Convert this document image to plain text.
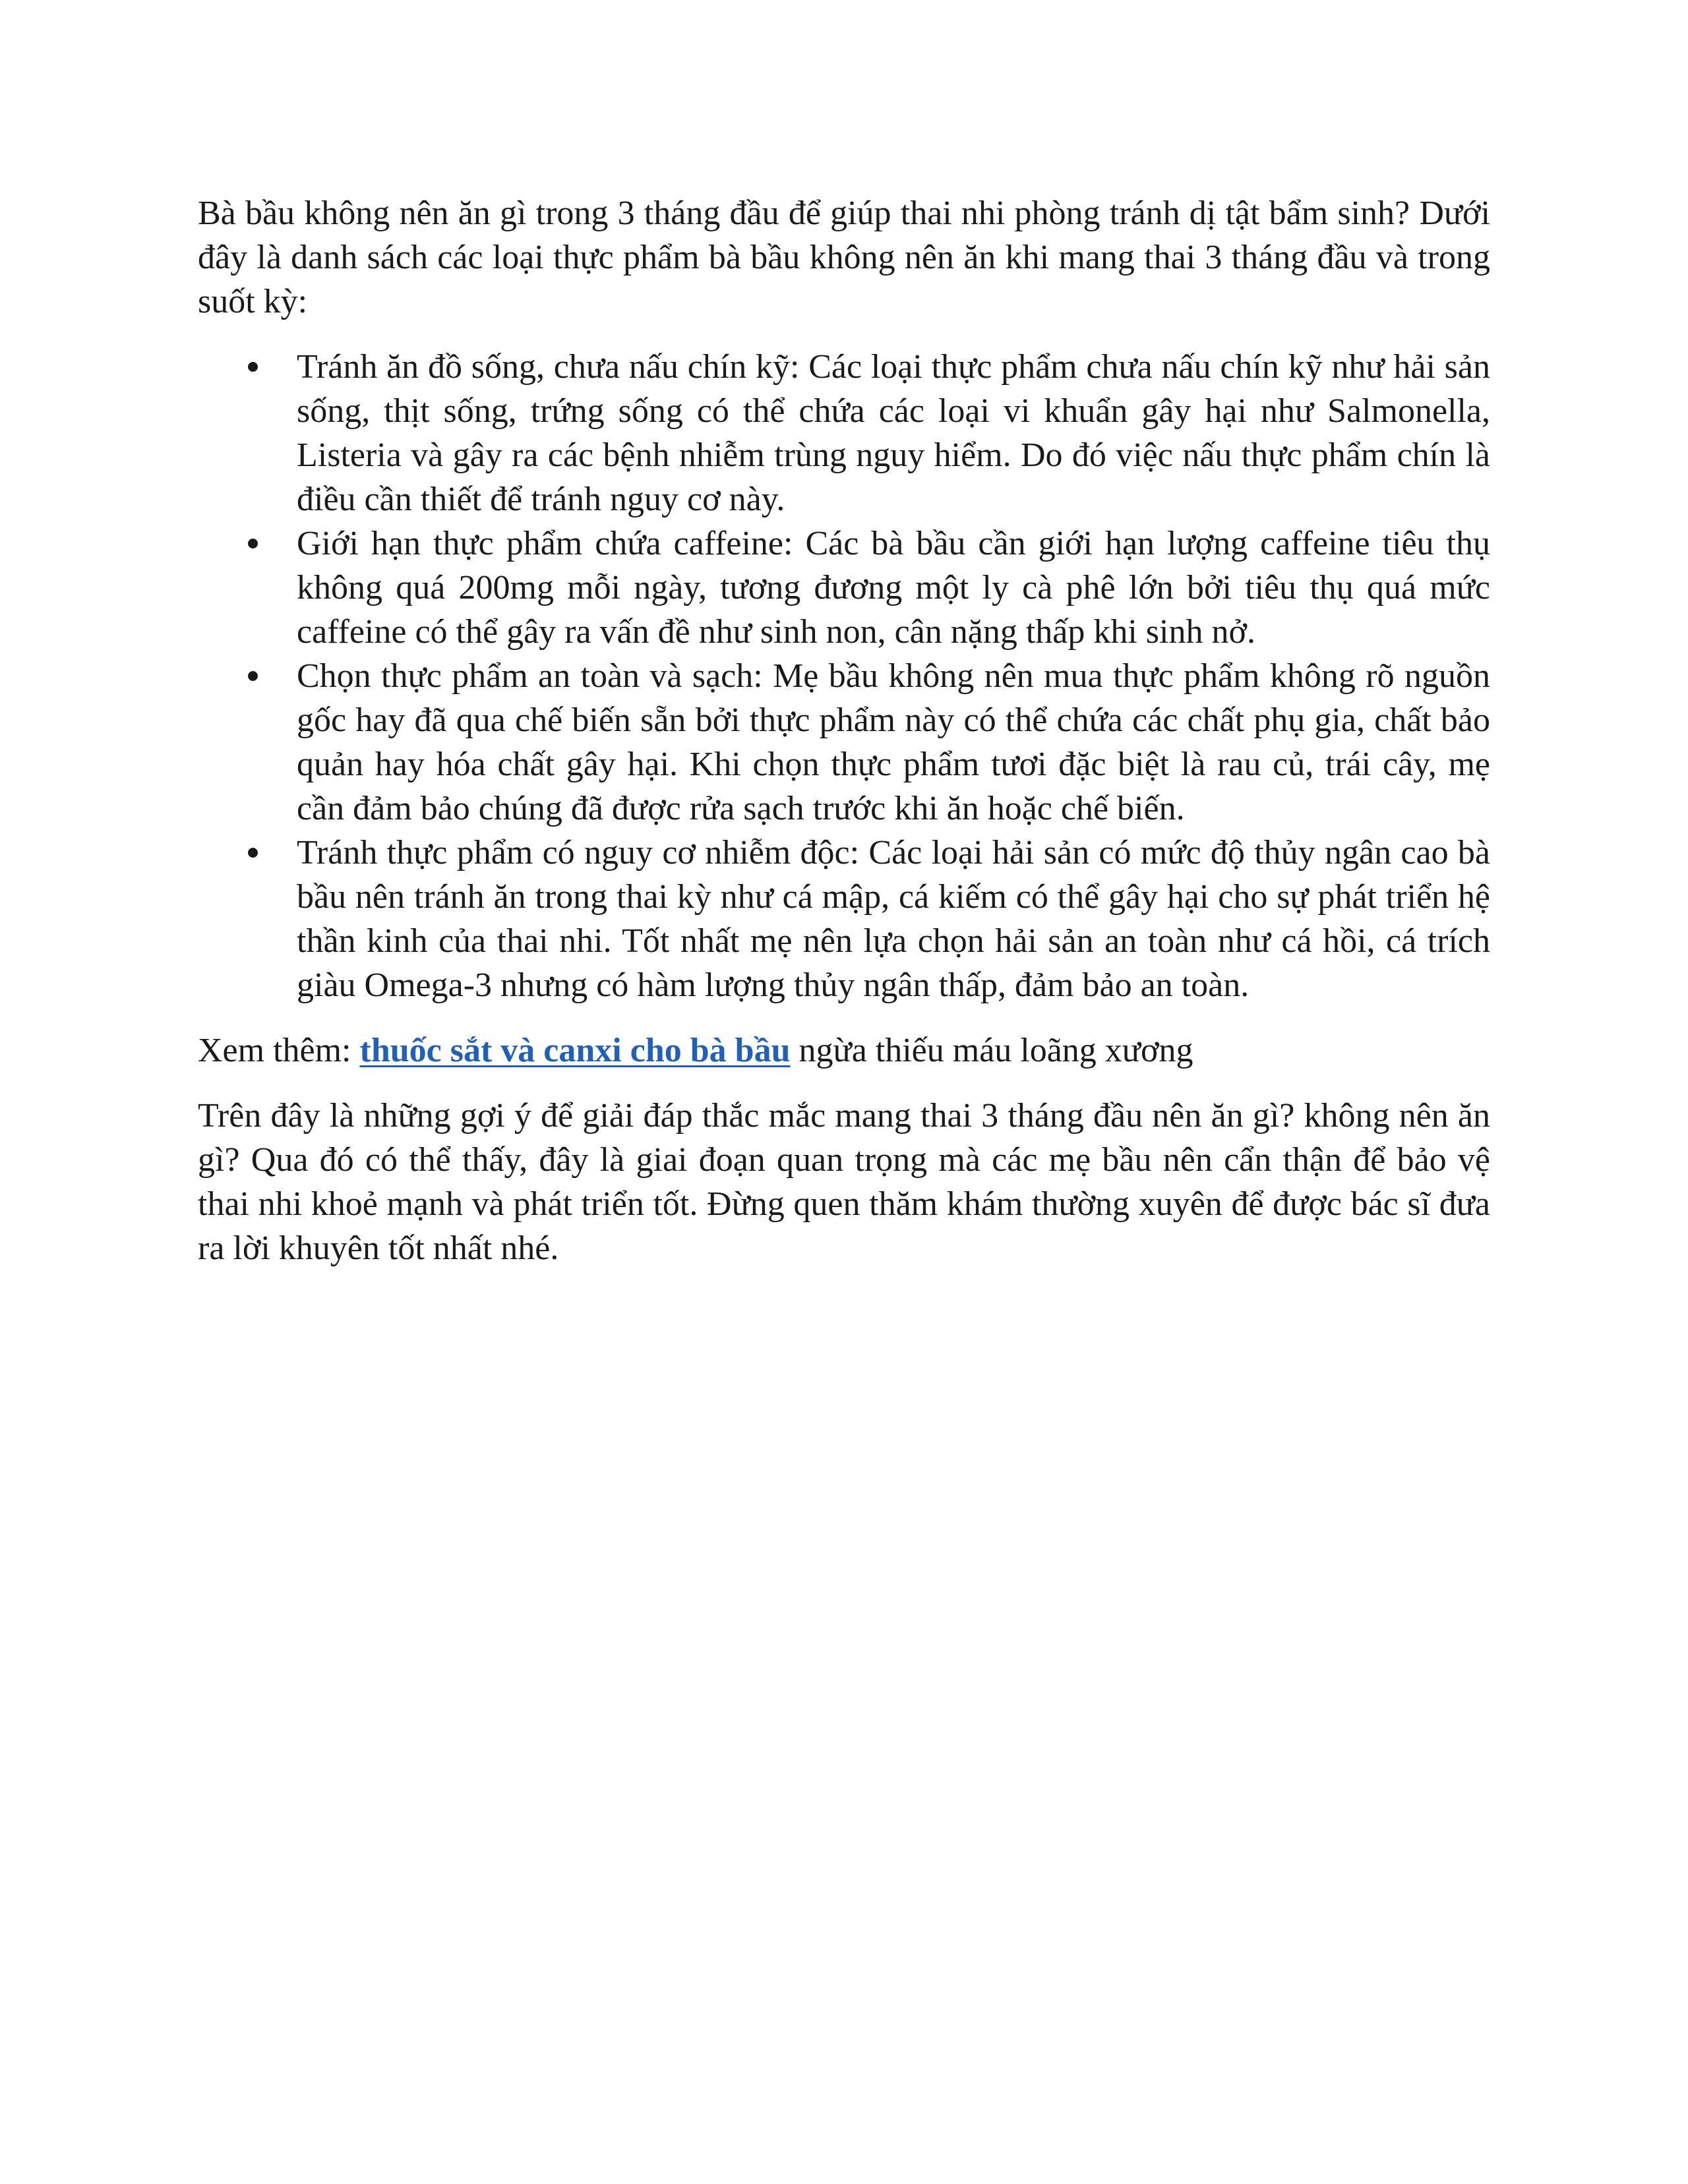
Bà bầu không nên ăn gì trong 3 tháng đầu để giúp thai nhi phòng tránh dị tật bẩm sinh? Dưới đây là danh sách các loại thực phẩm bà bầu không nên ăn khi mang thai 3 tháng đầu và trong suốt kỳ:

Tránh ăn đồ sống, chưa nấu chín kỹ: Các loại thực phẩm chưa nấu chín kỹ như hải sản sống, thịt sống, trứng sống có thể chứa các loại vi khuẩn gây hại như Salmonella, Listeria và gây ra các bệnh nhiễm trùng nguy hiểm. Do đó việc nấu thực phẩm chín là điều cần thiết để tránh nguy cơ này.
Giới hạn thực phẩm chứa caffeine: Các bà bầu cần giới hạn lượng caffeine tiêu thụ không quá 200mg mỗi ngày, tương đương một ly cà phê lớn bởi tiêu thụ quá mức caffeine có thể gây ra vấn đề như sinh non, cân nặng thấp khi sinh nở.
Chọn thực phẩm an toàn và sạch: Mẹ bầu không nên mua thực phẩm không rõ nguồn gốc hay đã qua chế biến sẵn bởi thực phẩm này có thể chứa các chất phụ gia, chất bảo quản hay hóa chất gây hại. Khi chọn thực phẩm tươi đặc biệt là rau củ, trái cây, mẹ cần đảm bảo chúng đã được rửa sạch trước khi ăn hoặc chế biến.
Tránh thực phẩm có nguy cơ nhiễm độc: Các loại hải sản có mức độ thủy ngân cao bà bầu nên tránh ăn trong thai kỳ như cá mập, cá kiếm có thể gây hại cho sự phát triển hệ thần kinh của thai nhi. Tốt nhất mẹ nên lựa chọn hải sản an toàn như cá hồi, cá trích giàu Omega-3 nhưng có hàm lượng thủy ngân thấp, đảm bảo an toàn.

Xem thêm: thuốc sắt và canxi cho bà bầu ngừa thiếu máu loãng xương

Trên đây là những gợi ý để giải đáp thắc mắc mang thai 3 tháng đầu nên ăn gì? không nên ăn gì? Qua đó có thể thấy, đây là giai đoạn quan trọng mà các mẹ bầu nên cẩn thận để bảo vệ thai nhi khoẻ mạnh và phát triển tốt. Đừng quen thăm khám thường xuyên để được bác sĩ đưa ra lời khuyên tốt nhất nhé.
